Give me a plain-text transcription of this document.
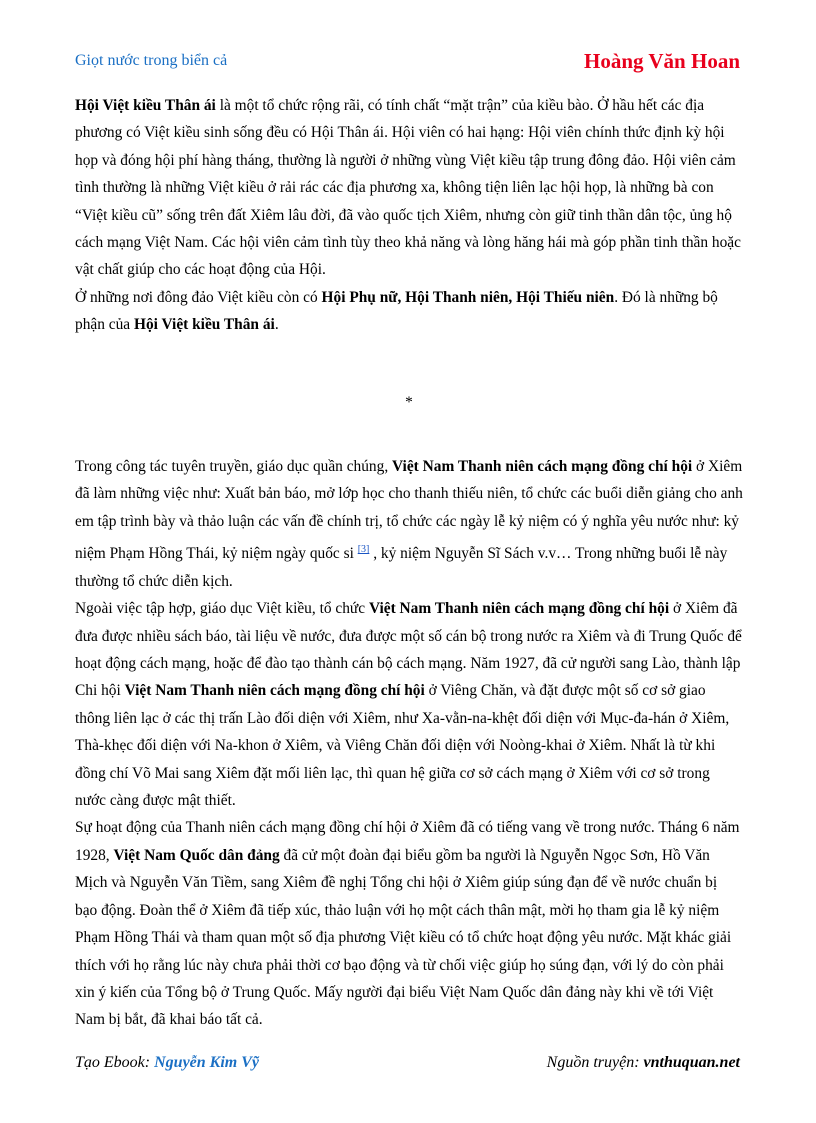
Giọt nước trong biển cả	Hoàng Văn Hoan

Hội Việt kiều Thân ái là một tổ chức rộng rãi, có tính chất “mặt trận” của kiều bào. Ở hầu hết các địa phương có Việt kiều sinh sống đều có Hội Thân ái. Hội viên có hai hạng: Hội viên chính thức định kỳ hội họp và đóng hội phí hàng tháng, thường là người ở những vùng Việt kiều tập trung đông đảo. Hội viên cảm tình thường là những Việt kiều ở rải rác các địa phương xa, không tiện liên lạc hội họp, là những bà con “Việt kiều cũ” sống trên đất Xiêm lâu đời, đã vào quốc tịch Xiêm, nhưng còn giữ tinh thần dân tộc, ủng hộ cách mạng Việt Nam. Các hội viên cảm tình tùy theo khả năng và lòng hăng hái mà góp phần tinh thần hoặc vật chất giúp cho các hoạt động của Hội.

Ở những nơi đông đảo Việt kiều còn có Hội Phụ nữ, Hội Thanh niên, Hội Thiếu niên. Đó là những bộ phận của Hội Việt kiều Thân ái.

*

Trong công tác tuyên truyền, giáo dục quần chúng, Việt Nam Thanh niên cách mạng đồng chí hội ở Xiêm đã làm những việc như: Xuất bản báo, mở lớp học cho thanh thiếu niên, tổ chức các buổi diễn giảng cho anh em tập trình bày và thảo luận các vấn đề chính trị, tổ chức các ngày lễ kỷ niệm có ý nghĩa yêu nước như: kỷ niệm Phạm Hồng Thái, kỷ niệm ngày quốc si [3] , kỷ niệm Nguyễn Sĩ Sách v.v… Trong những buổi lễ này thường tổ chức diễn kịch.

Ngoài việc tập hợp, giáo dục Việt kiều, tổ chức Việt Nam Thanh niên cách mạng đồng chí hội ở Xiêm đã đưa được nhiều sách báo, tài liệu về nước, đưa được một số cán bộ trong nước ra Xiêm và đi Trung Quốc để hoạt động cách mạng, hoặc để đào tạo thành cán bộ cách mạng. Năm 1927, đã cử người sang Lào, thành lập Chi hội Việt Nam Thanh niên cách mạng đồng chí hội ở Viêng Chăn, và đặt được một số cơ sở giao thông liên lạc ở các thị trấn Lào đối diện với Xiêm, như Xa-vằn-na-khệt đối diện với Mục-đa-hán ở Xiêm, Thà-khẹc đối diện với Na-khon ở Xiêm, và Viêng Chăn đối diện với Noòng-khai ở Xiêm. Nhất là từ khi đồng chí Võ Mai sang Xiêm đặt mối liên lạc, thì quan hệ giữa cơ sở cách mạng ở Xiêm với cơ sở trong nước càng được mật thiết.

Sự hoạt động của Thanh niên cách mạng đồng chí hội ở Xiêm đã có tiếng vang về trong nước. Tháng 6 năm 1928, Việt Nam Quốc dân đảng đã cử một đoàn đại biểu gồm ba người là Nguyễn Ngọc Sơn, Hồ Văn Mịch và Nguyễn Văn Tiềm, sang Xiêm đề nghị Tổng chi hội ở Xiêm giúp súng đạn để về nước chuẩn bị bạo động. Đoàn thể ở Xiêm đã tiếp xúc, thảo luận với họ một cách thân mật, mời họ tham gia lễ kỷ niệm Phạm Hồng Thái và tham quan một số địa phương Việt kiều có tổ chức hoạt động yêu nước. Mặt khác giải thích với họ rằng lúc này chưa phải thời cơ bạo động và từ chối việc giúp họ súng đạn, với lý do còn phải xin ý kiến của Tổng bộ ở Trung Quốc. Mấy người đại biểu Việt Nam Quốc dân đảng này khi về tới Việt Nam bị bắt, đã khai báo tất cả.

Tạo Ebook: Nguyễn Kim Vỹ	Nguồn truyện: vnthuquan.net
